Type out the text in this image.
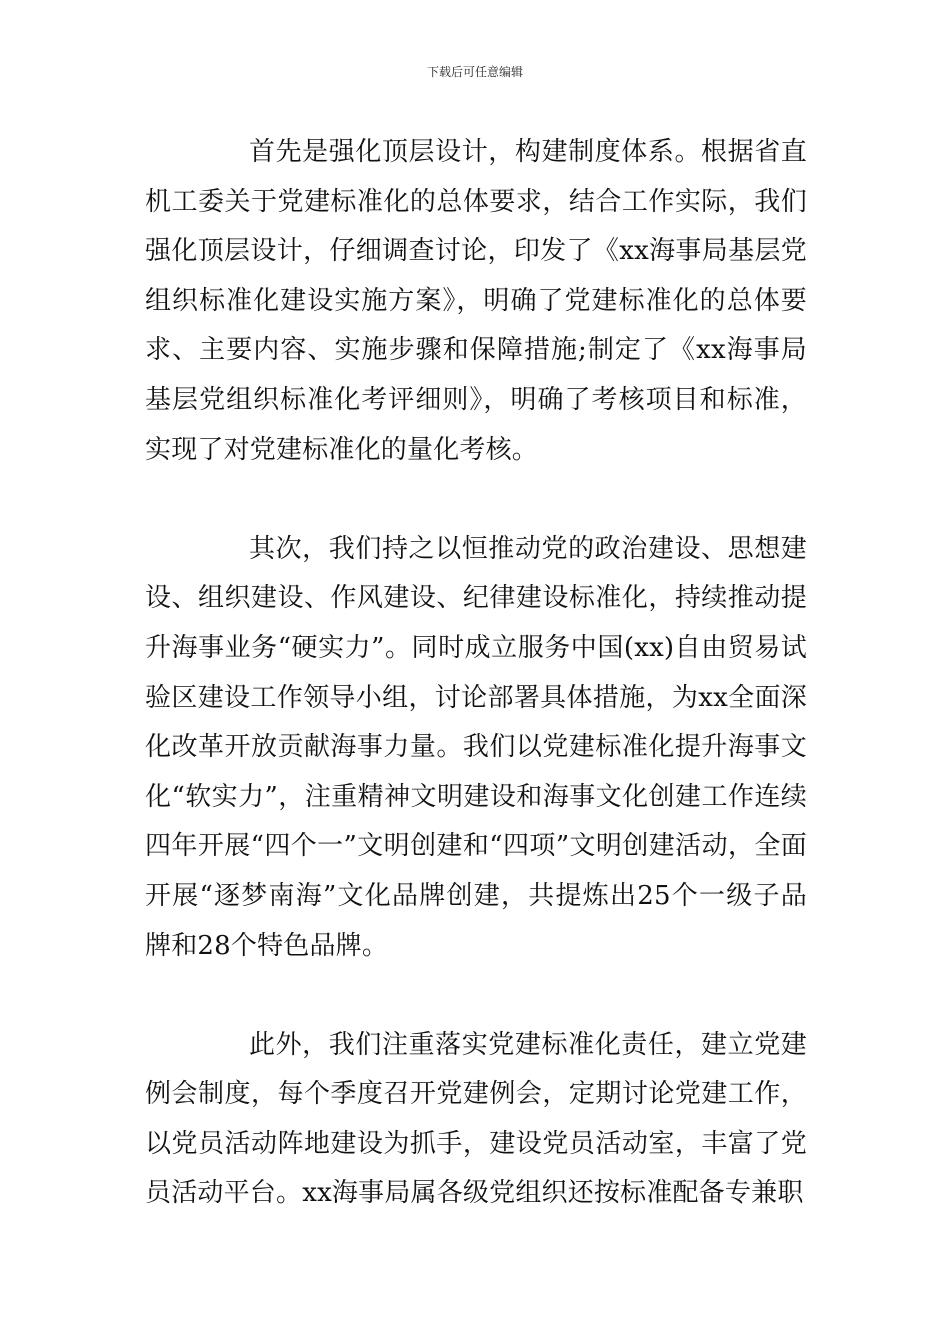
下载后可任意编辑

首先是强化顶层设计，构建制度体系。根据省直机工委关于党建标准化的总体要求，结合工作实际，我们强化顶层设计，仔细调查讨论，印发了《xx海事局基层党组织标准化建设实施方案》，明确了党建标准化的总体要求、主要内容、实施步骤和保障措施;制定了《xx海事局基层党组织标准化考评细则》，明确了考核项目和标准，实现了对党建标准化的量化考核。

其次，我们持之以恒推动党的政治建设、思想建设、组织建设、作风建设、纪律建设标准化，持续推动提升海事业务“硬实力”。同时成立服务中国(xx)自由贸易试验区建设工作领导小组，讨论部署具体措施，为xx全面深化改革开放贡献海事力量。我们以党建标准化提升海事文化“软实力”，注重精神文明建设和海事文化创建工作连续四年开展“四个一”文明创建和“四项”文明创建活动，全面开展“逐梦南海”文化品牌创建，共提炼出25个一级子品牌和28个特色品牌。

此外，我们注重落实党建标准化责任，建立党建例会制度，每个季度召开党建例会，定期讨论党建工作，以党员活动阵地建设为抓手，建设党员活动室，丰富了党员活动平台。xx海事局属各级党组织还按标准配备专兼职
